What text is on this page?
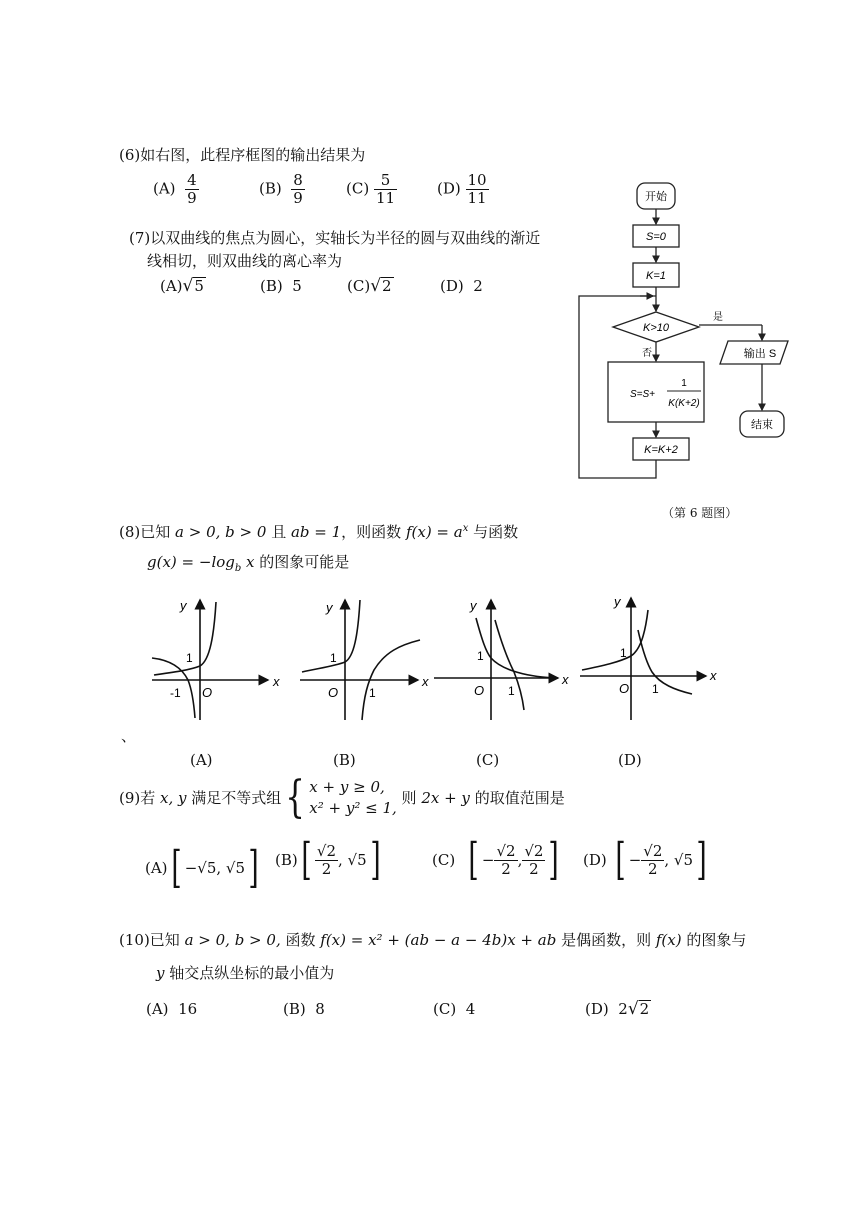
(6)如右图，此程序框图的输出结果为
$(A) \frac{4}{9}$	$(B) \frac{8}{9}$	$(C) \frac{5}{11}$	$(D) \frac{10}{11}$
(7)以双曲线的焦点为圆心，实轴长为半径的圆与双曲线的渐近
线相切，则双曲线的离心率为
(A)√5	(B) 5	(C)√2	(D) 2
开始
S=0
K=1
K>10
是
否
S=S+
1
K(K+2)
输出 S
结束
K=K+2
（第 6 题图）
(8)已知 a > 0, b > 0 且 ab = 1，则函数 $f(x) = a^x$ 与函数
$g(x) = -\log_b$ x 的图象可能是
y
x
O
1
-1
y
x
O
1
1
y
x
O
1
1
y
x
O
1
1
、
(A)	(B)	(C)	(D)
(9)若 x, y 满足不等式组{ x + y ≥ 0,
x² + y² ≤ 1,
则 2x + y 的取值范围是
(A)[ −√5, √5] $(B)[ \frac{√2}{2}$ , √5]	(C) [ − $\frac{√2}{2}$ , $\frac{√2}{2}$ ] (D) [ − $\frac{√2}{2}$ , √5]
(10)已知 a > 0, b > 0, 函数 f(x) = x² + (ab − a − 4b)x + ab 是偶函数，则 f(x) 的图象与
y 轴交点纵坐标的最小值为
(A) 16	(B) 8	(C) 4	(D) 2√2
